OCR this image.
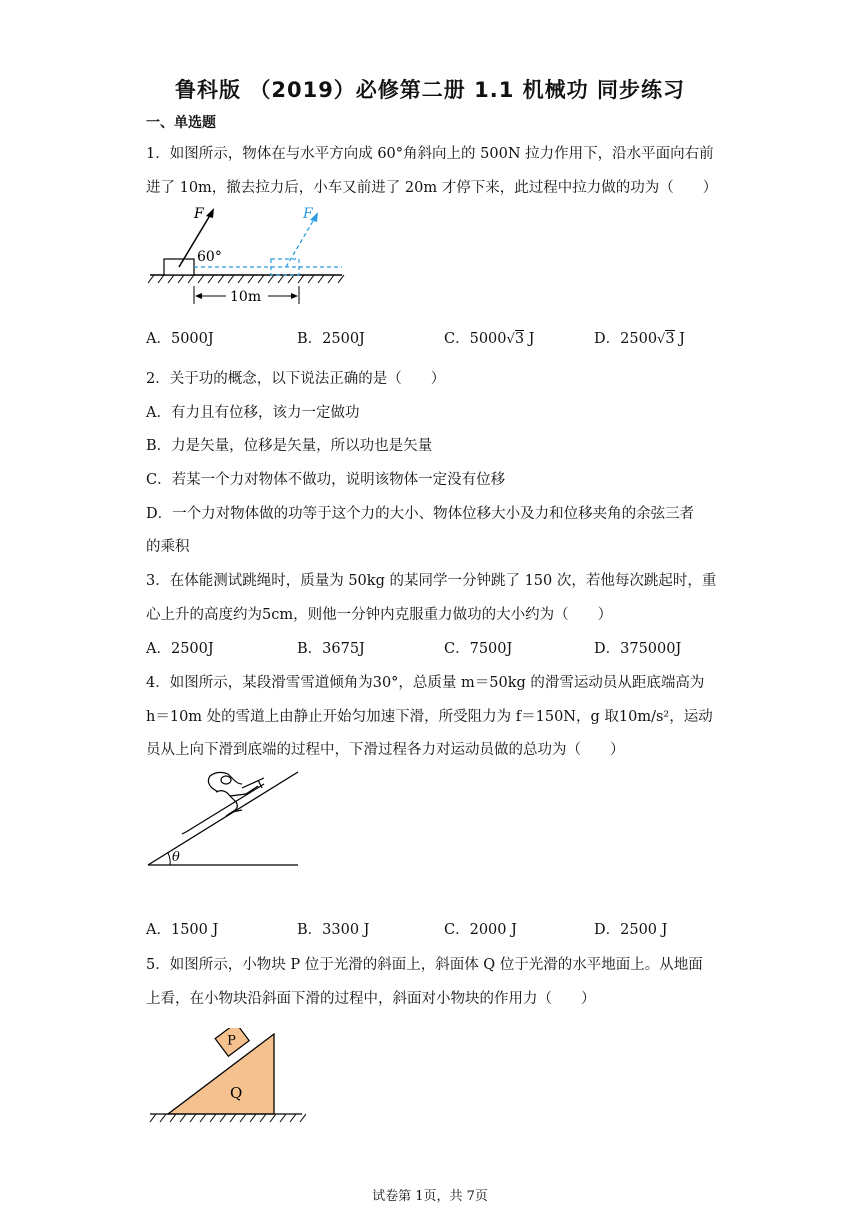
鲁科版 （2019）必修第二册 1.1 机械功 同步练习
一、单选题
1．如图所示，物体在与水平方向成 60°角斜向上的 500N 拉力作用下，沿水平面向右前
进了 10m，撤去拉力后，小车又前进了 20m 才停下来，此过程中拉力做的功为（　　）
F	F
60°
10m
A．5000J	B．2500J	C．5000√3 J	D．2500√3 J
2．关于功的概念，以下说法正确的是（　　）
A．有力且有位移，该力一定做功
B．力是矢量，位移是矢量，所以功也是矢量
C．若某一个力对物体不做功，说明该物体一定没有位移
D．一个力对物体做的功等于这个力的大小、物体位移大小及力和位移夹角的余弦三者
的乘积
3．在体能测试跳绳时，质量为 50kg 的某同学一分钟跳了 150 次，若他每次跳起时，重
心上升的高度约为5cm，则他一分钟内克服重力做功的大小约为（　　）
A．2500J	B．3675J	C．7500J	D．375000J
4．如图所示，某段滑雪雪道倾角为30°，总质量 m＝50kg 的滑雪运动员从距底端高为
h＝10m 处的雪道上由静止开始匀加速下滑，所受阻力为 f＝150N，g 取10m/s²，运动
员从上向下滑到底端的过程中，下滑过程各力对运动员做的总功为（　　）
θ
A．1500 J	B．3300 J	C．2000 J	D．2500 J
5．如图所示，小物块 P 位于光滑的斜面上，斜面体 Q 位于光滑的水平地面上。从地面
上看，在小物块沿斜面下滑的过程中，斜面对小物块的作用力（　　）
P
Q
试卷第 1页，共 7页
